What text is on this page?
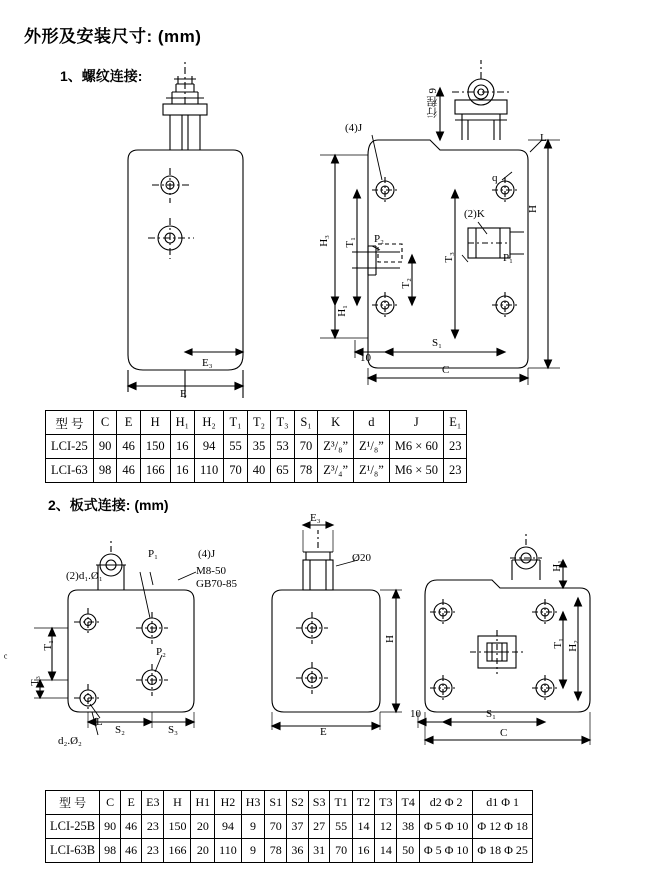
外形及安装尺寸: (mm)
1、螺纹连接:
2、板式连接: (mm)
E₃
E
(4)J
(2)K
P₁
P₂
q
L
H
H₁
H₃ T₁
T₂
T₃
S₁
C
10
行程 9
型 号	C	E	H	H₁	H₂	T₁	T₂	T₃	S₁	K	d	J	E₁
LCI-25	90	46	150	16	94	55	35	53	70	Z³/₈”	Z¹/₈”	M6 × 60	23
LCI-63	98	46	166	16	110	70	40	65	78	Z³/₄”	Z¹/₈”	M6 × 50	23
P₁
P₂
(4)J
M8-50
GB70-85
(2)d₁.Ø₁
d₂.Ø₂
L
S₂	S₃
T₁
T₃
E₃
Ø20
H
E
H₁
H₂
T₁
S₁
C
10
ᶜ
型 号	C	E	E3	H	H1	H2	H3	S1	S2	S3	T1	T2	T3	T4	d2 Φ 2	d1 Φ 1
LCI-25B	90	46	23	150	20	94	9	70	37	27	55	14	12	38	Φ 5 Φ 10	Φ 12 Φ 18
LCI-63B	98	46	23	166	20	110	9	78	36	31	70	16	14	50	Φ 5 Φ 10	Φ 18 Φ 25
